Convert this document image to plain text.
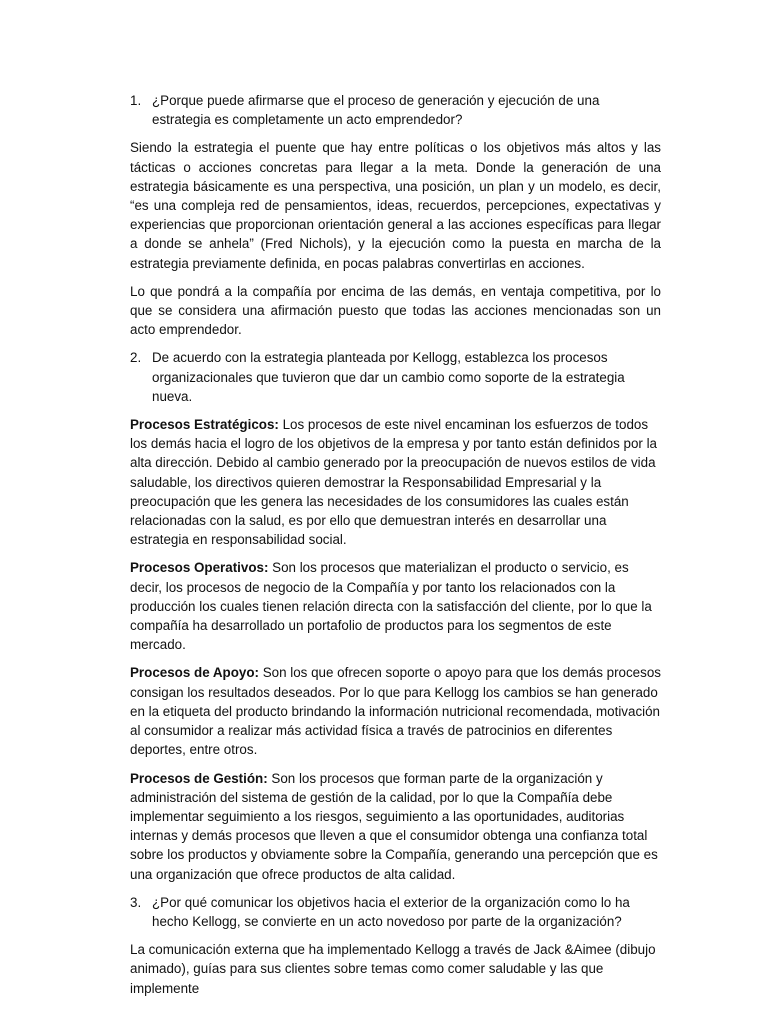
1. ¿Porque puede afirmarse que el proceso de generación y ejecución de una estrategia es completamente un acto emprendedor?

Siendo la estrategia el puente que hay entre políticas o los objetivos más altos y las tácticas o acciones concretas para llegar a la meta. Donde la generación de una estrategia básicamente es una perspectiva, una posición, un plan y un modelo, es decir, “es una compleja red de pensamientos, ideas, recuerdos, percepciones, expectativas y experiencias que proporcionan orientación general a las acciones específicas para llegar a donde se anhela” (Fred Nichols), y la ejecución como la puesta en marcha de la estrategia previamente definida, en pocas palabras convertirlas en acciones.

Lo que pondrá a la compañía por encima de las demás, en ventaja competitiva, por lo que se considera una afirmación puesto que todas las acciones mencionadas son un acto emprendedor.

2. De acuerdo con la estrategia planteada por Kellogg, establezca los procesos organizacionales que tuvieron que dar un cambio como soporte de la estrategia nueva.

Procesos Estratégicos: Los procesos de este nivel encaminan los esfuerzos de todos los demás hacia el logro de los objetivos de la empresa y por tanto están definidos por la alta dirección. Debido al cambio generado por la preocupación de nuevos estilos de vida saludable, los directivos quieren demostrar la Responsabilidad Empresarial y la preocupación que les genera las necesidades de los consumidores las cuales están relacionadas con la salud, es por ello que demuestran interés en desarrollar una estrategia en responsabilidad social.

Procesos Operativos: Son los procesos que materializan el producto o servicio, es decir, los procesos de negocio de la Compañía y por tanto los relacionados con la producción los cuales tienen relación directa con la satisfacción del cliente, por lo que la compañía ha desarrollado un portafolio de productos para los segmentos de este mercado.

Procesos de Apoyo: Son los que ofrecen soporte o apoyo para que los demás procesos consigan los resultados deseados. Por lo que para Kellogg los cambios se han generado en la etiqueta del producto brindando la información nutricional recomendada, motivación al consumidor a realizar más actividad física a través de patrocinios en diferentes deportes, entre otros.

Procesos de Gestión: Son los procesos que forman parte de la organización y administración del sistema de gestión de la calidad, por lo que la Compañía debe implementar seguimiento a los riesgos, seguimiento a las oportunidades, auditorias internas y demás procesos que lleven a que el consumidor obtenga una confianza total sobre los productos y obviamente sobre la Compañía, generando una percepción que es una organización que ofrece productos de alta calidad.

3. ¿Por qué comunicar los objetivos hacia el exterior de la organización como lo ha hecho Kellogg, se convierte en un acto novedoso por parte de la organización?

La comunicación externa que ha implementado Kellogg a través de Jack &Aimee (dibujo animado), guías para sus clientes sobre temas como comer saludable y las que implemente
